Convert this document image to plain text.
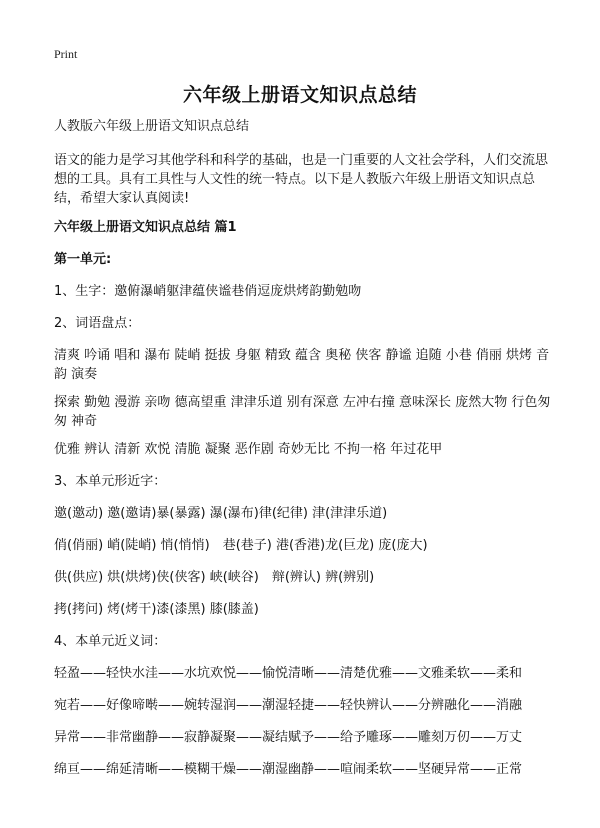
Print
六年级上册语文知识点总结
人教版六年级上册语文知识点总结
语文的能力是学习其他学科和科学的基础，也是一门重要的人文社会学科，人们交流思想的工具。具有工具性与人文性的统一特点。以下是人教版六年级上册语文知识点总结，希望大家认真阅读!
六年级上册语文知识点总结 篇1
第一单元:
1、生字：邀俯瀑峭躯津蕴侠谧巷俏逗庞烘烤韵勤勉吻
2、词语盘点：
清爽 吟诵 唱和 瀑布 陡峭 挺拔 身躯 精致 蕴含 奥秘 侠客 静谧 追随 小巷 俏丽 烘烤 音韵 演奏
探索 勤勉 漫游 亲吻 德高望重 津津乐道 别有深意 左冲右撞 意味深长 庞然大物 行色匆匆 神奇
优雅 辨认 清新 欢悦 清脆 凝聚 恶作剧 奇妙无比 不拘一格 年过花甲
3、本单元形近字：
邀(邀动) 邀(邀请)暴(暴露) 瀑(瀑布)律(纪律) 津(津津乐道)
俏(俏丽) 峭(陡峭) 悄(悄悄)　巷(巷子) 港(香港)龙(巨龙) 庞(庞大)
供(供应) 烘(烘烤)侠(侠客) 峡(峡谷)　辩(辨认) 辨(辨别)
拷(拷问) 烤(烤干)漆(漆黑) 膝(膝盖)
4、本单元近义词：
轻盈——轻快水洼——水坑欢悦——愉悦清晰——清楚优雅——文雅柔软——柔和
宛若——好像啼啭——婉转湿润——潮湿轻捷——轻快辨认——分辨融化——消融
异常——非常幽静——寂静凝聚——凝结赋予——给予雕琢——雕刻万仞——万丈
绵亘——绵延清晰——模糊干燥——潮湿幽静——喧闹柔软——坚硬异常——正常
